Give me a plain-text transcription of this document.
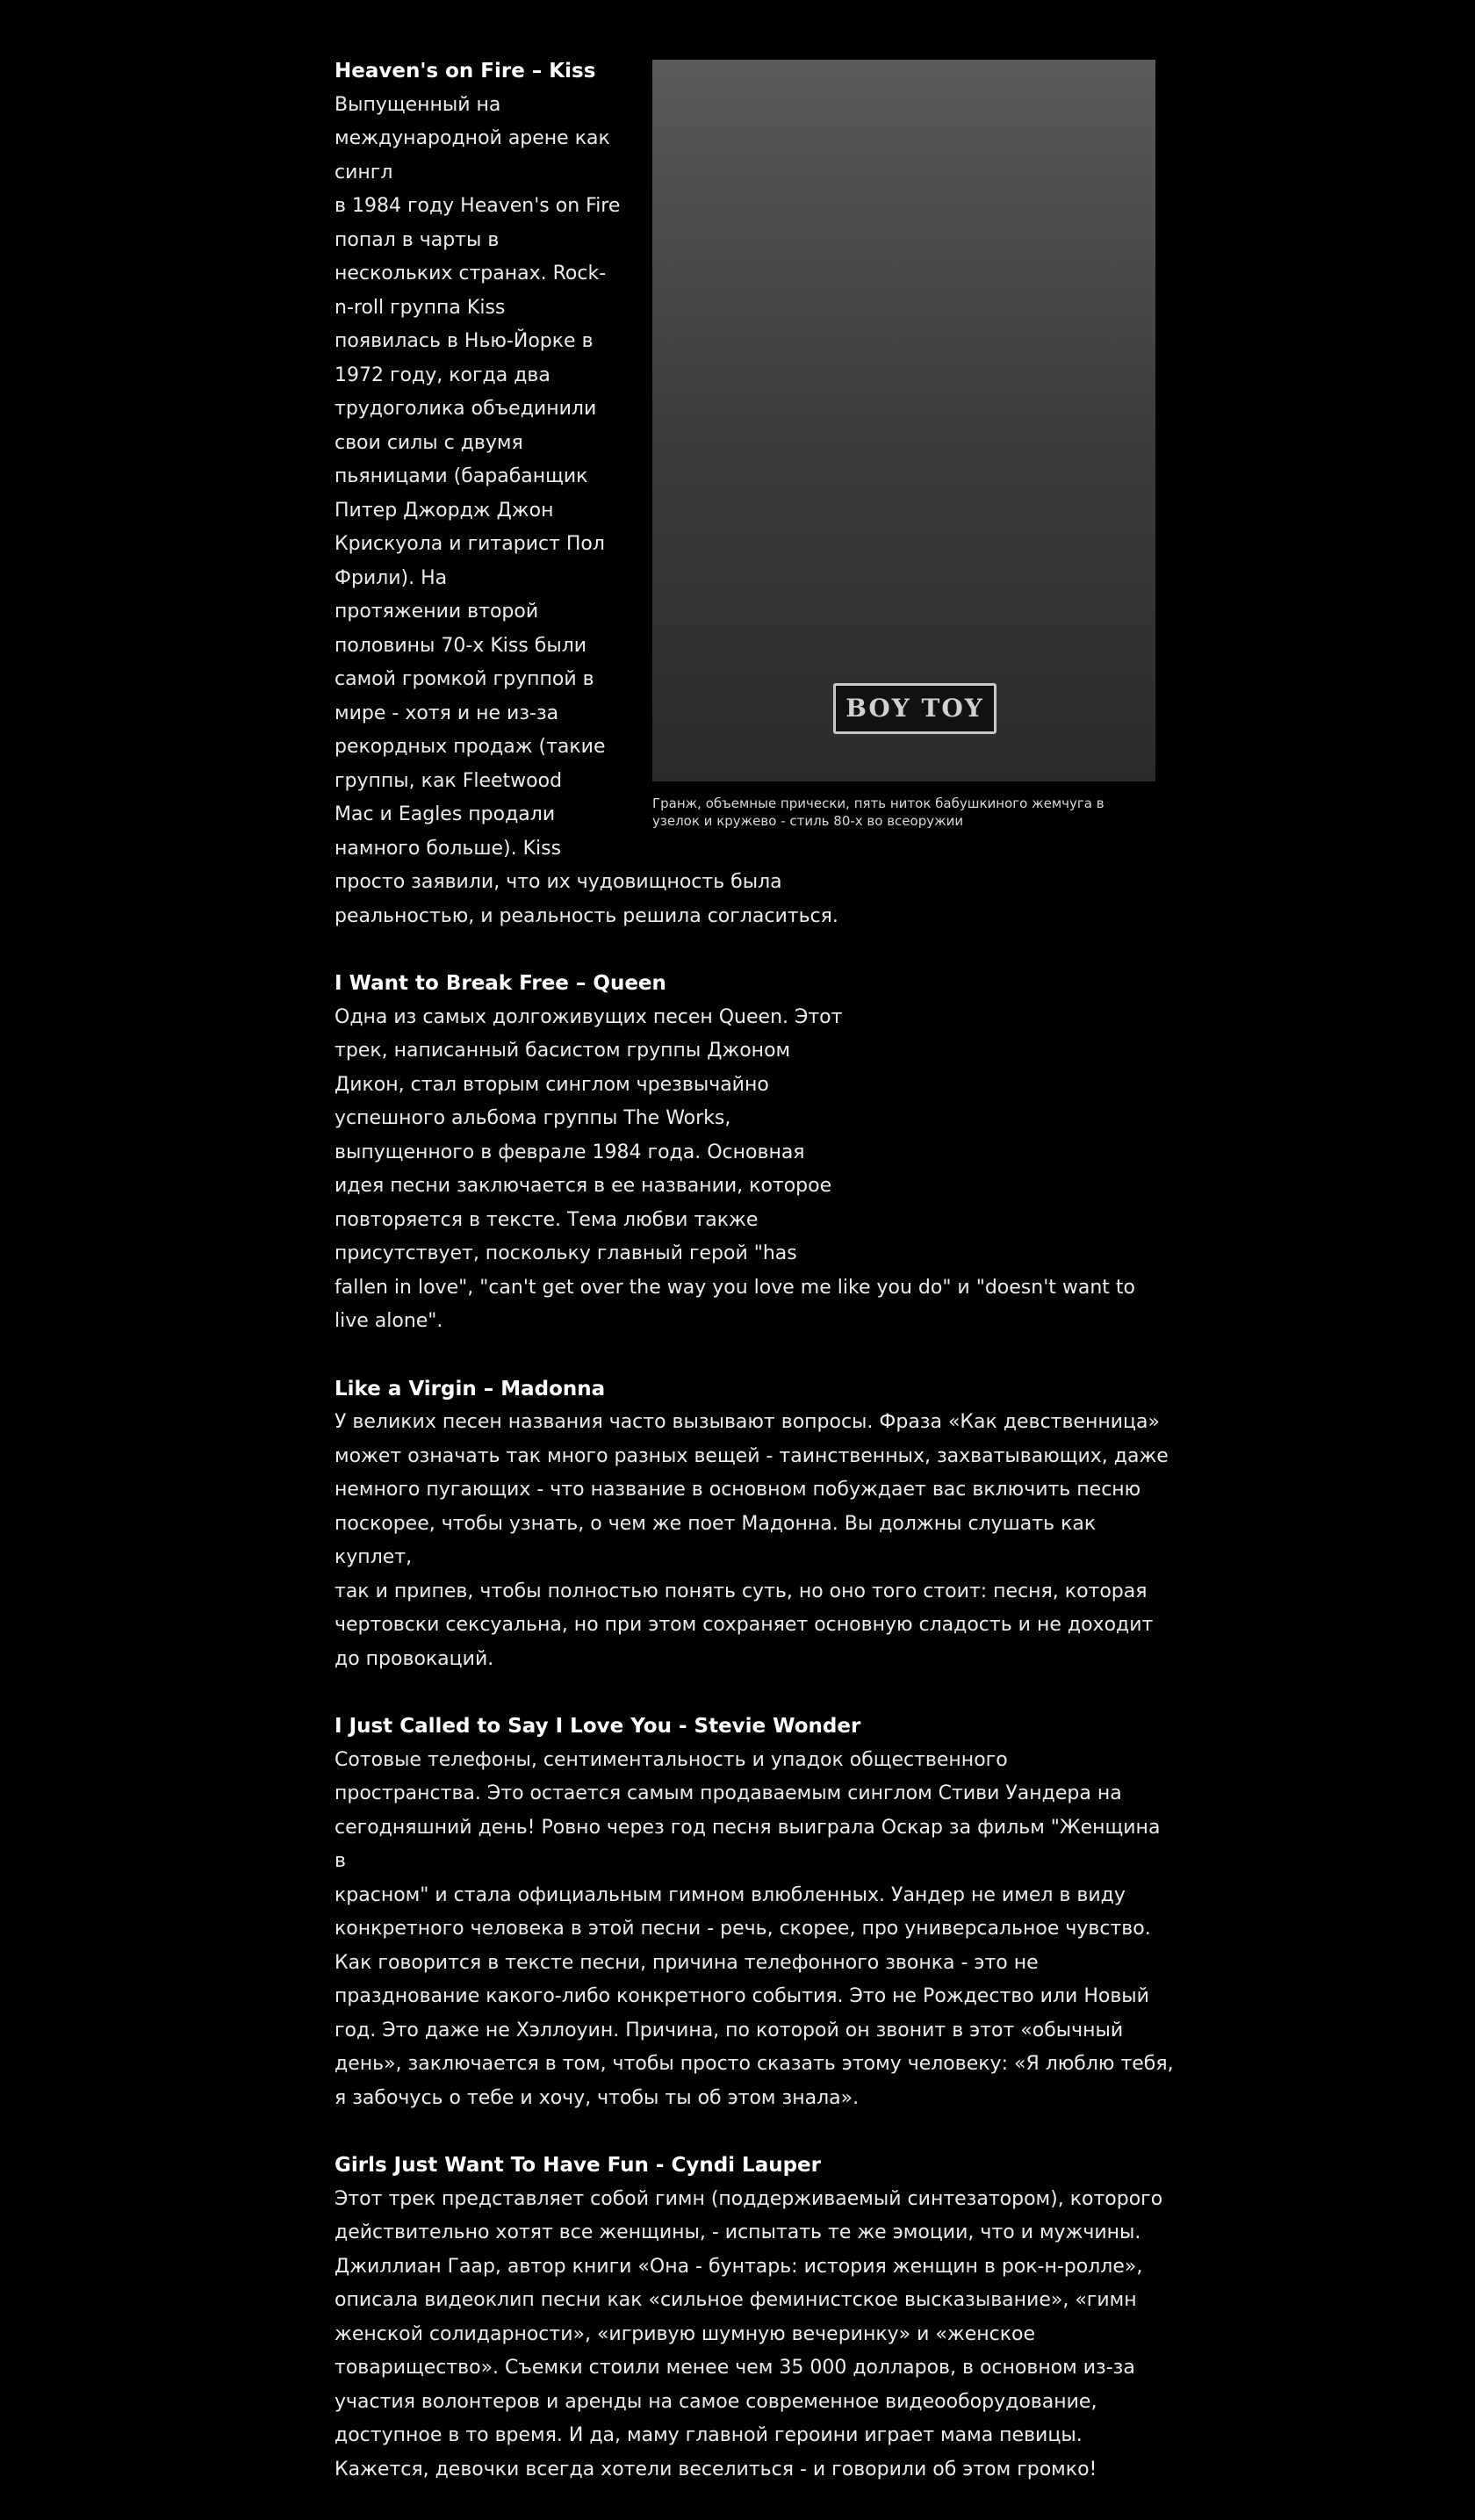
BOY TOY
Гранж, объемные прически, пять ниток бабушкиного жемчуга в узелок и кружево - стиль 80-х во всеоружии

Heaven's on Fire – Kiss

Выпущенный на международной арене как сингл
в 1984 году Heaven's on Fire попал в чарты в
нескольких странах. Rock-n-roll группа Kiss
появилась в Нью-Йорке в 1972 году, когда два
трудоголика объединили свои силы с двумя
пьяницами (барабанщик Питер Джордж Джон
Крискуола и гитарист Пол Фрили). На
протяжении второй половины 70-х Kiss были
самой громкой группой в мире - хотя и не из-за
рекордных продаж (такие группы, как Fleetwood
Mac и Eagles продали намного больше). Kiss
просто заявили, что их чудовищность была
реальностью, и реальность решила согласиться.

I Want to Break Free – Queen

Одна из самых долгоживущих песен Queen. Этот
трек, написанный басистом группы Джоном
Дикон, стал вторым синглом чрезвычайно
успешного альбома группы The Works,
выпущенного в феврале 1984 года. Основная
идея песни заключается в ее названии, которое
повторяется в тексте. Тема любви также
присутствует, поскольку главный герой "has
fallen in love", "can't get over the way you love me like you do" и "doesn't want to
live alone".

Like a Virgin – Madonna

У великих песен названия часто вызывают вопросы. Фраза «Как девственница»
может означать так много разных вещей - таинственных, захватывающих, даже
немного пугающих - что название в основном побуждает вас включить песню
поскорее, чтобы узнать, о чем же поет Мадонна. Вы должны слушать как куплет,
так и припев, чтобы полностью понять суть, но оно того стоит: песня, которая
чертовски сексуальна, но при этом сохраняет основную сладость и не доходит
до провокаций.

I Just Called to Say I Love You - Stevie Wonder

Сотовые телефоны, сентиментальность и упадок общественного
пространства. Это остается самым продаваемым синглом Стиви Уандера на
сегодняшний день! Ровно через год песня выиграла Оскар за фильм "Женщина в
красном" и стала официальным гимном влюбленных. Уандер не имел в виду
конкретного человека в этой песни - речь, скорее, про универсальное чувство.
Как говорится в тексте песни, причина телефонного звонка - это не
празднование какого-либо конкретного события. Это не Рождество или Новый
год. Это даже не Хэллоуин. Причина, по которой он звонит в этот «обычный
день», заключается в том, чтобы просто сказать этому человеку: «Я люблю тебя,
я забочусь о тебе и хочу, чтобы ты об этом знала».

Girls Just Want To Have Fun - Cyndi Lauper

Этот трек представляет собой гимн (поддерживаемый синтезатором), которого
действительно хотят все женщины, - испытать те же эмоции, что и мужчины.
Джиллиан Гаар, автор книги «Она - бунтарь: история женщин в рок-н-ролле»,
описала видеоклип песни как «сильное феминистское высказывание», «гимн
женской солидарности», «игривую шумную вечеринку» и «женское
товарищество». Съемки стоили менее чем 35 000 долларов, в основном из-за
участия волонтеров и аренды на самое современное видеооборудование,
доступное в то время. И да, маму главной героини играет мама певицы.
Кажется, девочки всегда хотели веселиться - и говорили об этом громко!
